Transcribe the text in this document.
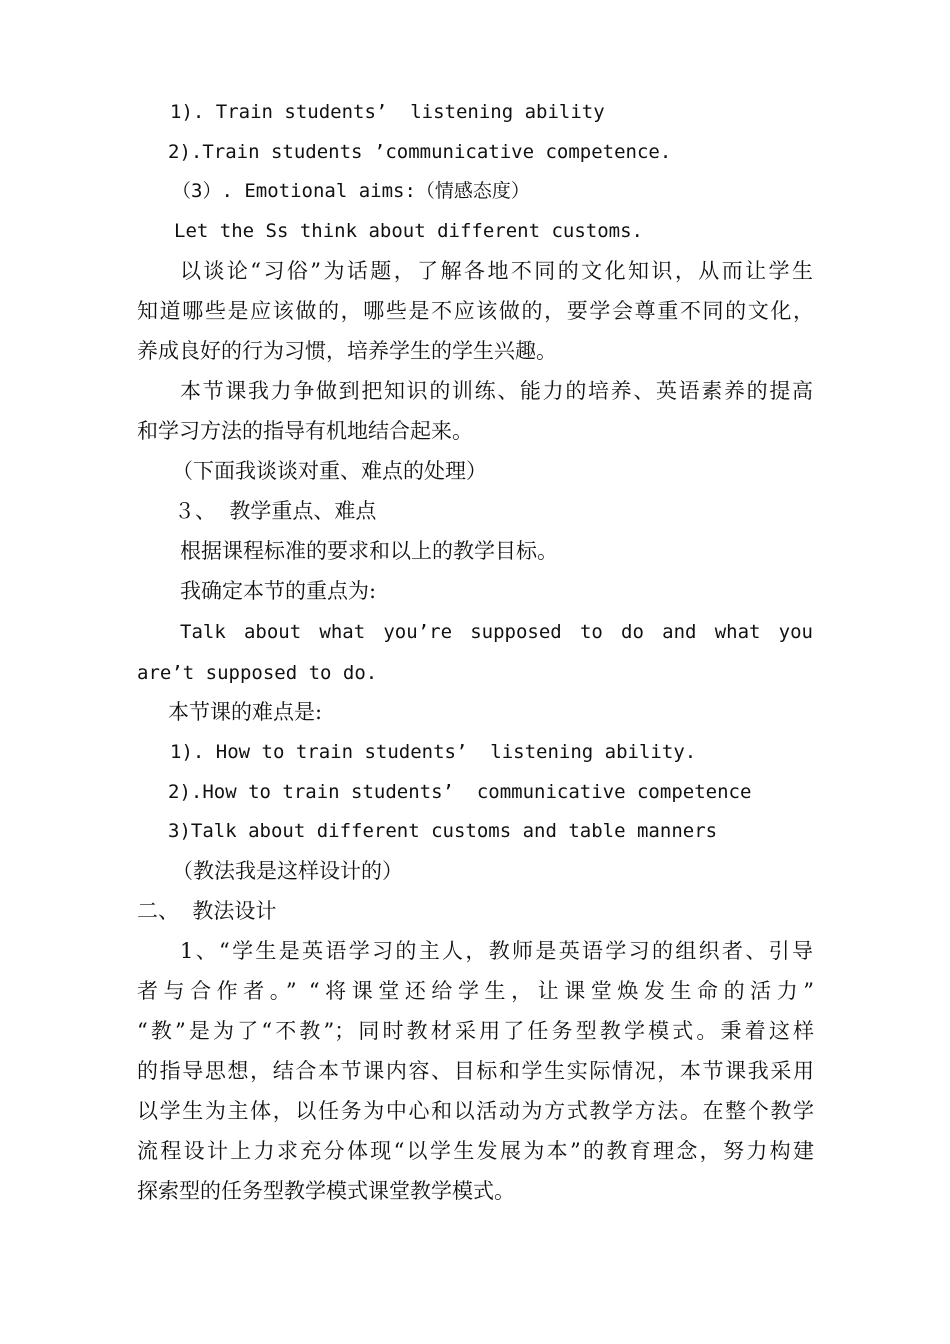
1). Train students’  listening ability
2).Train students ’communicative competence.
（3）. Emotional aims:（情感态度）
Let the Ss think about different customs.
以谈论“习俗”为话题，了解各地不同的文化知识，从而让学生
知道哪些是应该做的，哪些是不应该做的，要学会尊重不同的文化，
养成良好的行为习惯，培养学生的学生兴趣。
本节课我力争做到把知识的训练、能力的培养、英语素养的提高
和学习方法的指导有机地结合起来。
（下面我谈谈对重、难点的处理）
３、  教学重点、难点
根据课程标准的要求和以上的教学目标。
我确定本节的重点为:
Talk about what you’re supposed to do and what you
are’t supposed to do.
本节课的难点是:
1). How to train students’  listening ability.
2).How to train students’  communicative competence
3)Talk about different customs and table manners
（教法我是这样设计的）
二、  教法设计
1、“学生是英语学习的主人，教师是英语学习的组织者、引导
者与合作者。” “将课堂还给学生，让课堂焕发生命的活力”
“教”是为了“不教”；同时教材采用了任务型教学模式。秉着这样
的指导思想，结合本节课内容、目标和学生实际情况，本节课我采用
以学生为主体，以任务为中心和以活动为方式教学方法。在整个教学
流程设计上力求充分体现“以学生发展为本”的教育理念，努力构建
探索型的任务型教学模式课堂教学模式。
